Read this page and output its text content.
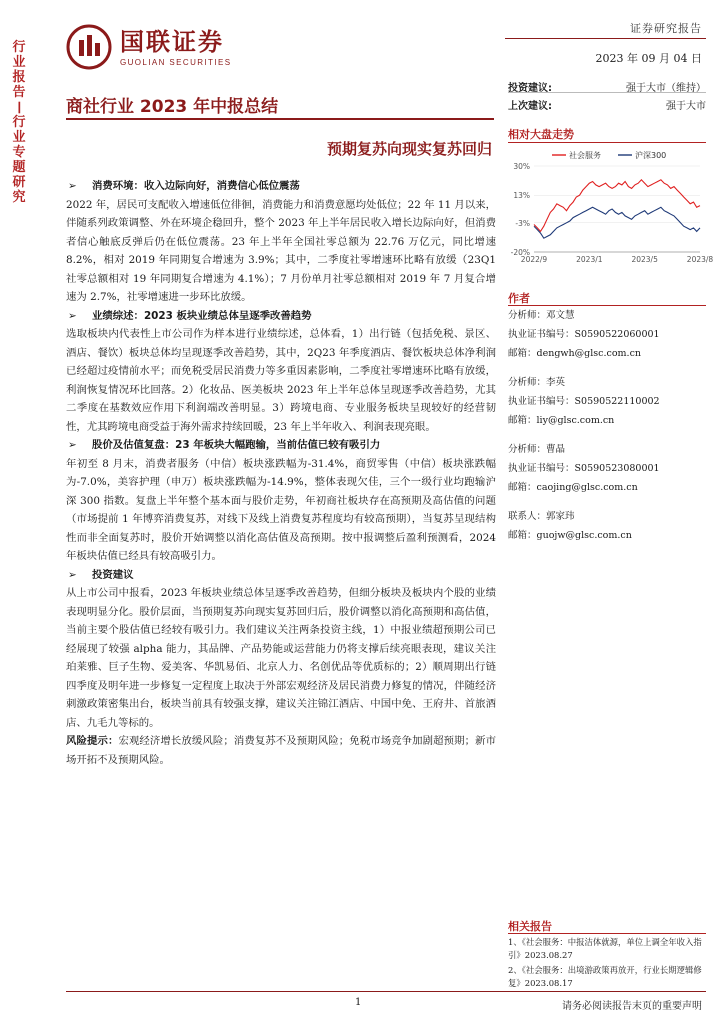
行
业
报
告
—
行
业
专
题
研
究
国联证券
GUOLIAN SECURITIES
证券研究报告
2023 年 09 月 04 日
商社行业 2023 年中报总结
预期复苏向现实复苏回归
投资建议:	强于大市（维持）
上次建议:	强于大市
相对大盘走势
30%
13%
-3%
-20%
2022/9	2023/1	2023/5	2023/8
社会服务	沪深300
作者
分析师：邓文慧
执业证书编号：S0590522060001
邮箱：dengwh@glsc.com.cn
分析师：李英
执业证书编号：S0590522110002
邮箱：liy@glsc.com.cn
分析师：曹晶
执业证书编号：S0590523080001
邮箱：caojing@glsc.com.cn
联系人：郭家玮
邮箱：guojw@glsc.com.cn
➢ 消费环境：收入边际向好，消费信心低位震荡
2022 年，居民可支配收入增速低位徘徊，消费能力和消费意愿均处低位；22 年 11 月以来，伴随系列政策调整、外在环境企稳回升，整个 2023 年上半年居民收入增长边际向好，但消费者信心触底反弹后仍在低位震荡。23 年上半年全国社零总额为 22.76 万亿元，同比增速 8.2%，相对 2019 年同期复合增速为 3.9%；其中，二季度社零增速环比略有放缓（23Q1 社零总额相对 19 年同期复合增速为 4.1%）；7 月份单月社零总额相对 2019 年 7 月复合增速为 2.7%，社零增速进一步环比放缓。
➢ 业绩综述：2023 板块业绩总体呈逐季改善趋势
选取板块内代表性上市公司作为样本进行业绩综述，总体看，1）出行链（包括免税、景区、酒店、餐饮）板块总体均呈现逐季改善趋势，其中，2Q23 年季度酒店、餐饮板块总体净利润已经超过疫情前水平；而免税受居民消费力等多重因素影响，二季度社零增速环比略有放缓，利润恢复情况环比回落。2）化妆品、医美板块 2023 年上半年总体呈现逐季改善趋势，尤其二季度在基数效应作用下利润端改善明显。3）跨境电商、专业服务板块呈现较好的经营韧性，尤其跨境电商受益于海外需求持续回暖，23 年上半年收入、利润表现亮眼。
➢ 股价及估值复盘：23 年板块大幅跑输，当前估值已较有吸引力
年初至 8 月末，消费者服务（中信）板块涨跌幅为-31.4%，商贸零售（中信）板块涨跌幅为-7.0%，美容护理（申万）板块涨跌幅为-14.9%，整体表现欠佳，三个一级行业均跑输沪深 300 指数。复盘上半年整个基本面与股价走势，年初商社板块存在高预期及高估值的问题（市场提前 1 年博弈消费复苏，对线下及线上消费复苏程度均有较高预期），当复苏呈现结构性而非全面复苏时，股价开始调整以消化高估值及高预期。按中报调整后盈利预测看，2024 年板块估值已经具有较高吸引力。
➢ 投资建议
从上市公司中报看，2023 年板块业绩总体呈逐季改善趋势，但细分板块及板块内个股的业绩表现明显分化。股价层面，当预期复苏向现实复苏回归后，股价调整以消化高预期和高估值，当前主要个股估值已经较有吸引力。我们建议关注两条投资主线，1）中报业绩超预期公司已经展现了较强 alpha 能力，其品牌、产品势能或运营能力仍将支撑后续亮眼表现，建议关注珀莱雅、巨子生物、爱美客、华凯易佰、北京人力、名创优品等优质标的；2）顺周期出行链四季度及明年进一步修复一定程度上取决于外部宏观经济及居民消费力修复的情况，伴随经济刺激政策密集出台，板块当前具有较强支撑，建议关注锦江酒店、中国中免、王府井、首旅酒店、九毛九等标的。
风险提示：宏观经济增长放缓风险；消费复苏不及预期风险；免税市场竞争加剧超预期；新市场开拓不及预期风险。
相关报告
1、《社会服务：中报洁体就源，单位上调全年收入指引》2023.08.27
2、《社会服务：出境游政策再放开，行业长期逻辑修复》2023.08.17
1	请务必阅读报告末页的重要声明
